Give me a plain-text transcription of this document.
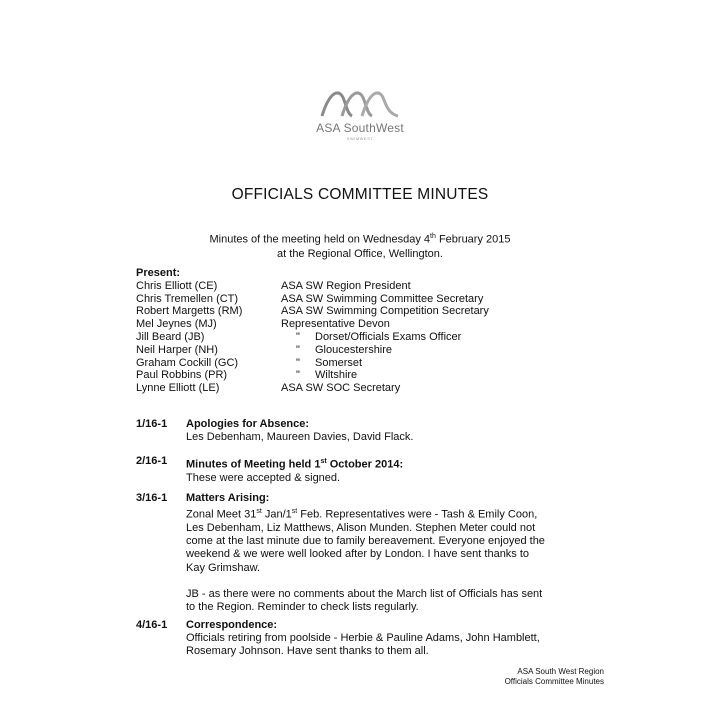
ASA SouthWest
SWIMWEST
OFFICIALS COMMITTEE MINUTES
Minutes of the meeting held on Wednesday 4th February 2015
at the Regional Office, Wellington.
Present:
Chris Elliott (CE)	ASA SW Region President
Chris Tremellen (CT)	ASA SW Swimming Committee Secretary
Robert Margetts (RM)	ASA SW Swimming Competition Secretary
Mel Jeynes (MJ)	Representative Devon
Jill Beard (JB)	" Dorset/Officials Exams Officer
Neil Harper (NH)	" Gloucestershire
Graham Cockill (GC)	" Somerset
Paul Robbins (PR)	" Wiltshire
Lynne Elliott (LE)	ASA SW SOC Secretary
1/16-1 Apologies for Absence:
Les Debenham, Maureen Davies, David Flack.
2/16-1 Minutes of Meeting held 1st October 2014:
These were accepted & signed.
3/16-1 Matters Arising:
Zonal Meet 31st Jan/1st Feb. Representatives were - Tash & Emily Coon,
Les Debenham, Liz Matthews, Alison Munden. Stephen Meter could not
come at the last minute due to family bereavement. Everyone enjoyed the
weekend & we were well looked after by London. I have sent thanks to
Kay Grimshaw.
JB - as there were no comments about the March list of Officials has sent
to the Region. Reminder to check lists regularly.
4/16-1 Correspondence:
Officials retiring from poolside - Herbie & Pauline Adams, John Hamblett,
Rosemary Johnson. Have sent thanks to them all.
ASA South West Region
Officials Committee Minutes
